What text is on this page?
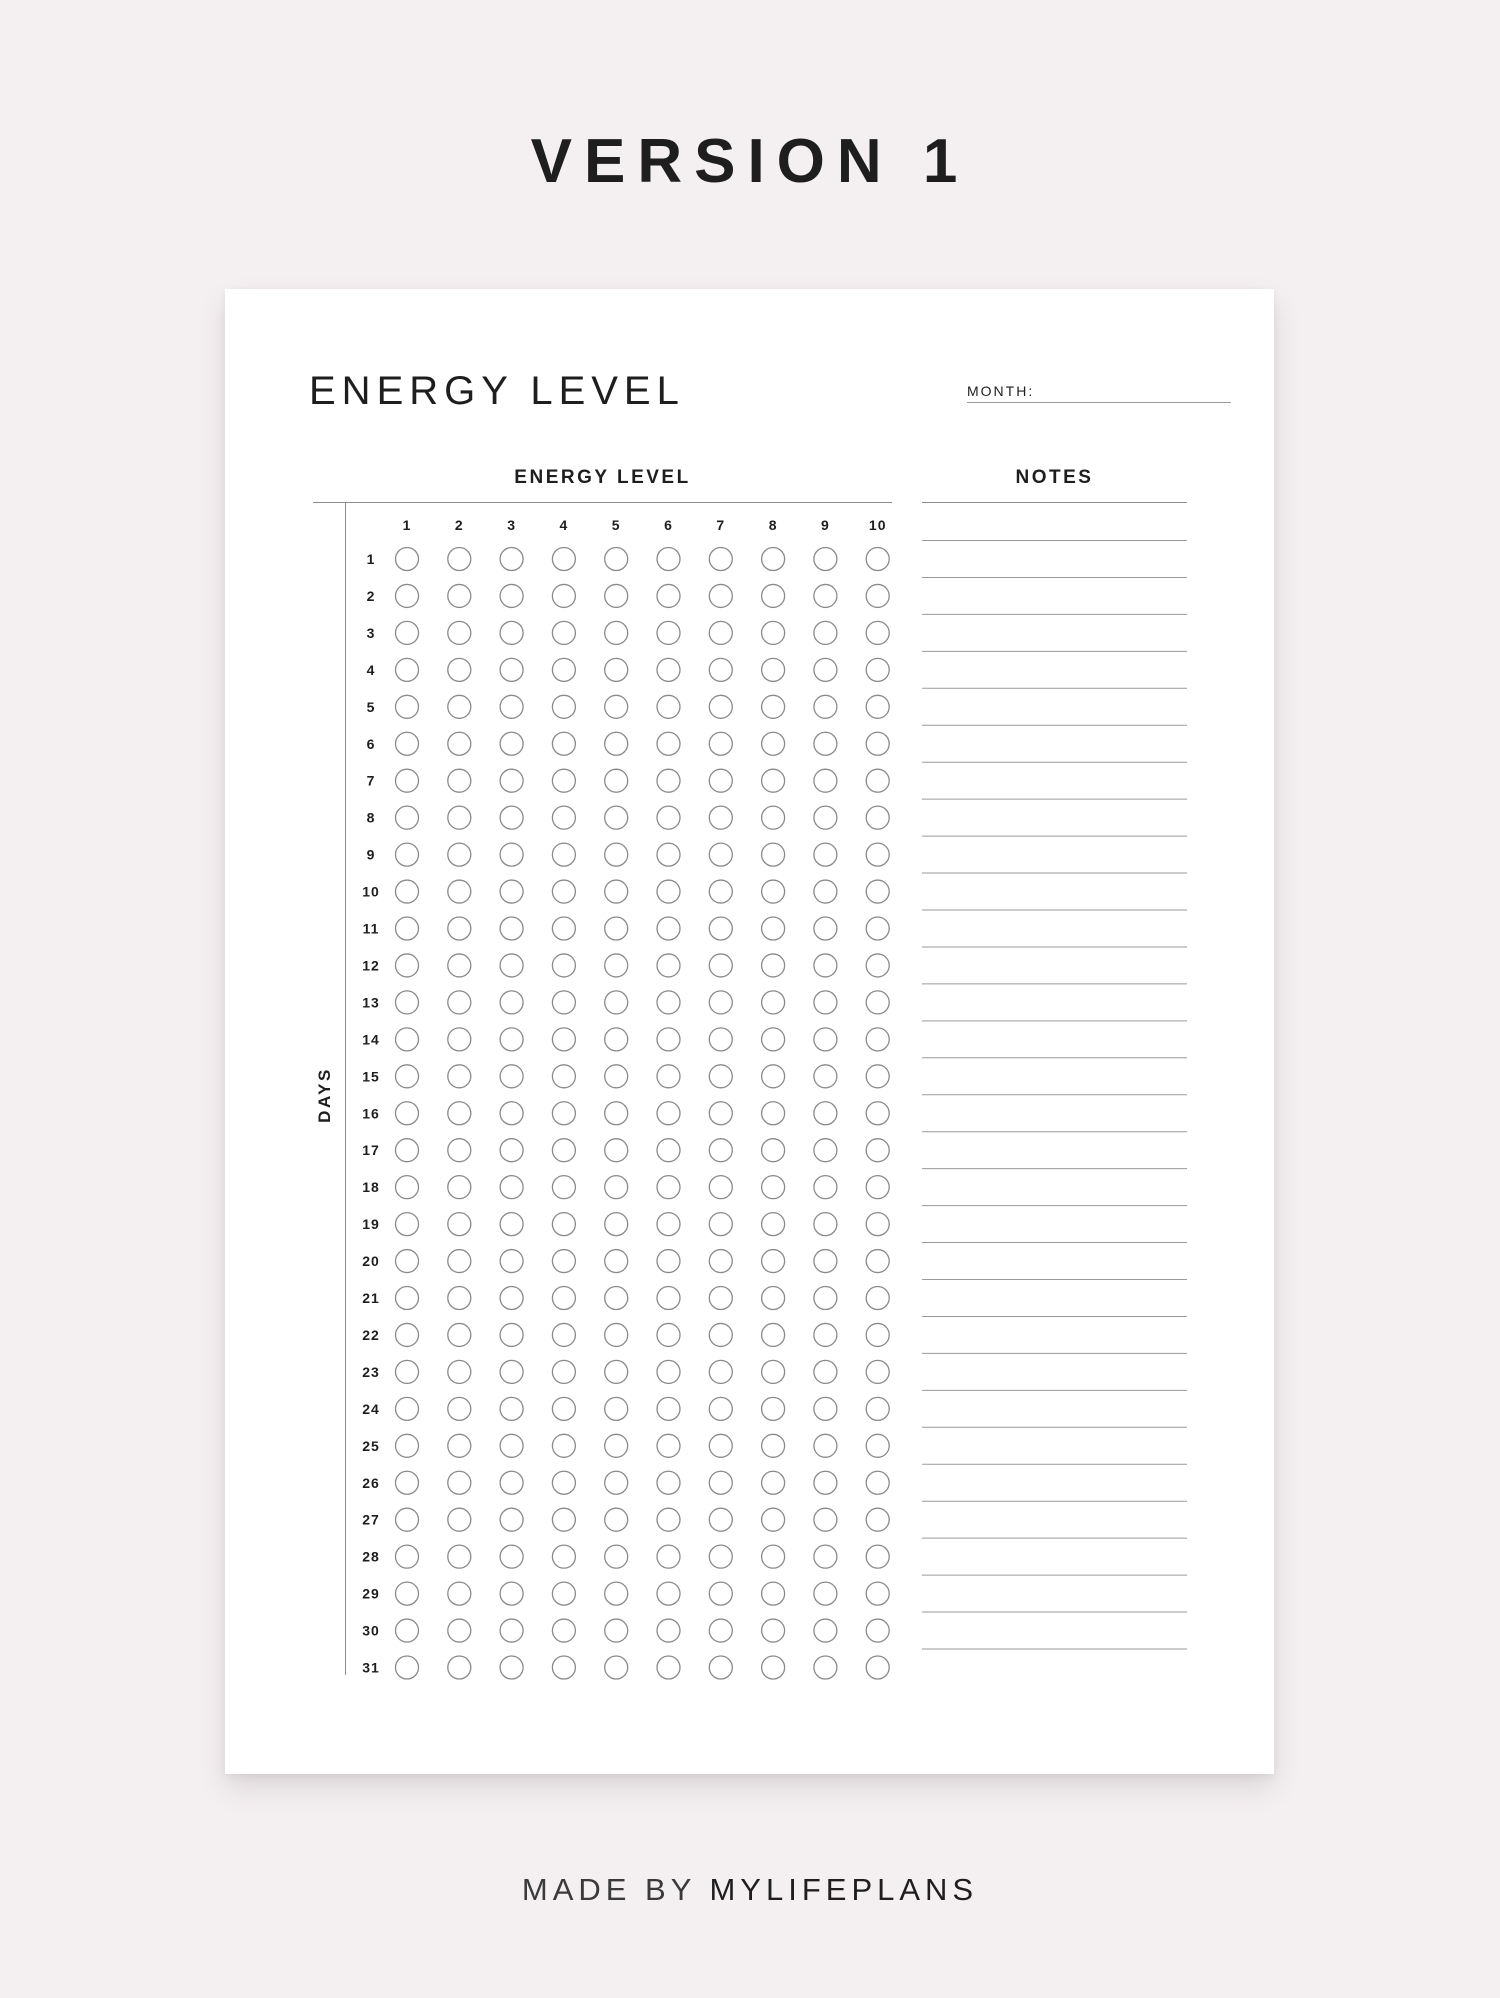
VERSION 1
ENERGY LEVEL	MONTH:
ENERGY LEVEL	NOTES
DAYS
1	2	3	4	5	6	7	8	9	10
1
2
3
4
5
6
7
8
9
10
11
12
13
14
15
16
17
18
19
20
21
22
23
24
25
26
27
28
29
30
31
MADE BY MYLIFEPLANS
